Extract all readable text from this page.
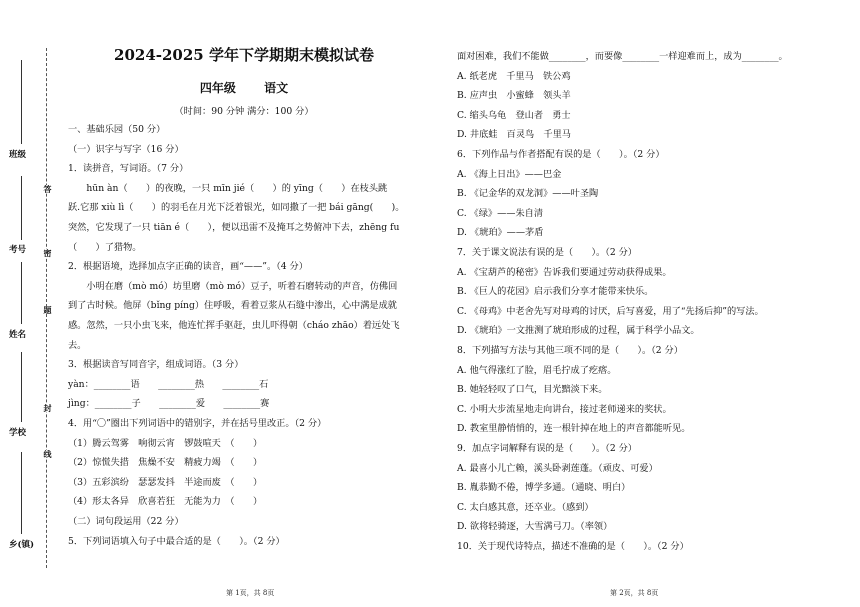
班级
考号
姓名
学校
乡(镇)
答
密
题
封
线
2024-2025 学年下学期期末模拟试卷
四年级 语文
（时间：90 分钟 满分：100 分）
一、基础乐园（50 分）
（一）识字与写字（16 分）
1．读拼音，写词语。（7 分）
　　hūn àn（　　）的夜晚，一只 mīn jié（　　）的 yīng（　　）在枝头跳
跃.它那 xiù lì（　　）的羽毛在月光下泛着银光，如同撒了一把 bái gāng(　　)。
突然，它发现了一只 tiān é（　　），便以迅雷不及掩耳之势俯冲下去，zhēng fu
（　　）了猎物。
2．根据语境，选择加点字正确的读音，画“——”。（4 分）
　　小明在磨（mò mó）坊里磨（mò mó）豆子，听着石磨转动的声音，仿佛回
到了古时候。他屏（bǐng píng）住呼吸，看着豆浆从石缝中渗出，心中满是成就
感。忽然，一只小虫飞来，他连忙挥手驱赶，虫儿吓得朝（cháo zhāo）着远处飞
去。
3．根据读音写同音字，组成词语。（3 分）
yàn：________语　　________热　　________石
jìng：________子　　________爱　　________赛
4．用“〇”圈出下列词语中的错别字，并在括号里改正。（2 分）
（1）腾云驾雾　响彻云宵　锣鼓喧天　（　　）
（2）惊慌失措　焦燥不安　精疲力竭　（　　）
（3）五彩滨纷　瑟瑟发抖　半途而废　（　　）
（4）形太各异　欣喜若狂　无能为力　（　　）
（二）词句段运用（22 分）
5．下列词语填入句子中最合适的是（　　）。（2 分）
面对困难，我们不能做________，而要像________一样迎难而上，成为________。
A. 纸老虎　千里马　铁公鸡
B. 应声虫　小蜜蜂　领头羊
C. 缩头乌龟　登山者　勇士
D. 井底蛙　百灵鸟　千里马
6．下列作品与作者搭配有误的是（　　）。（2 分）
A. 《海上日出》——巴金
B. 《记金华的双龙洞》——叶圣陶
C. 《绿》——朱自清
D. 《琥珀》——茅盾
7．关于课文说法有误的是（　　）。（2 分）
A. 《宝葫芦的秘密》告诉我们要通过劳动获得成果。
B. 《巨人的花园》启示我们分享才能带来快乐。
C. 《母鸡》中老舍先写对母鸡的讨厌，后写喜爱，用了“先扬后抑”的写法。
D. 《琥珀》一文推测了琥珀形成的过程，属于科学小品文。
8．下列描写方法与其他三项不同的是（　　）。（2 分）
A. 他气得涨红了脸，眉毛拧成了疙瘩。
B. 她轻轻叹了口气，目光黯淡下来。
C. 小明大步流星地走向讲台，接过老师递来的奖状。
D. 教室里静悄悄的，连一根针掉在地上的声音都能听见。
9．加点字词解释有误的是（　　）。（2 分）
A. 最喜小儿亡赖，溪头卧剥莲蓬。（顽皮、可爱）
B. 胤恭勤不倦，博学多通。（通晓、明白）
C. 太白感其意，还卒业。（感到）
D. 欲将轻骑逐，大雪满弓刀。（率领）
10．关于现代诗特点，描述不准确的是（　　）。（2 分）
第 1页，共 8页	第 2页，共 8页
